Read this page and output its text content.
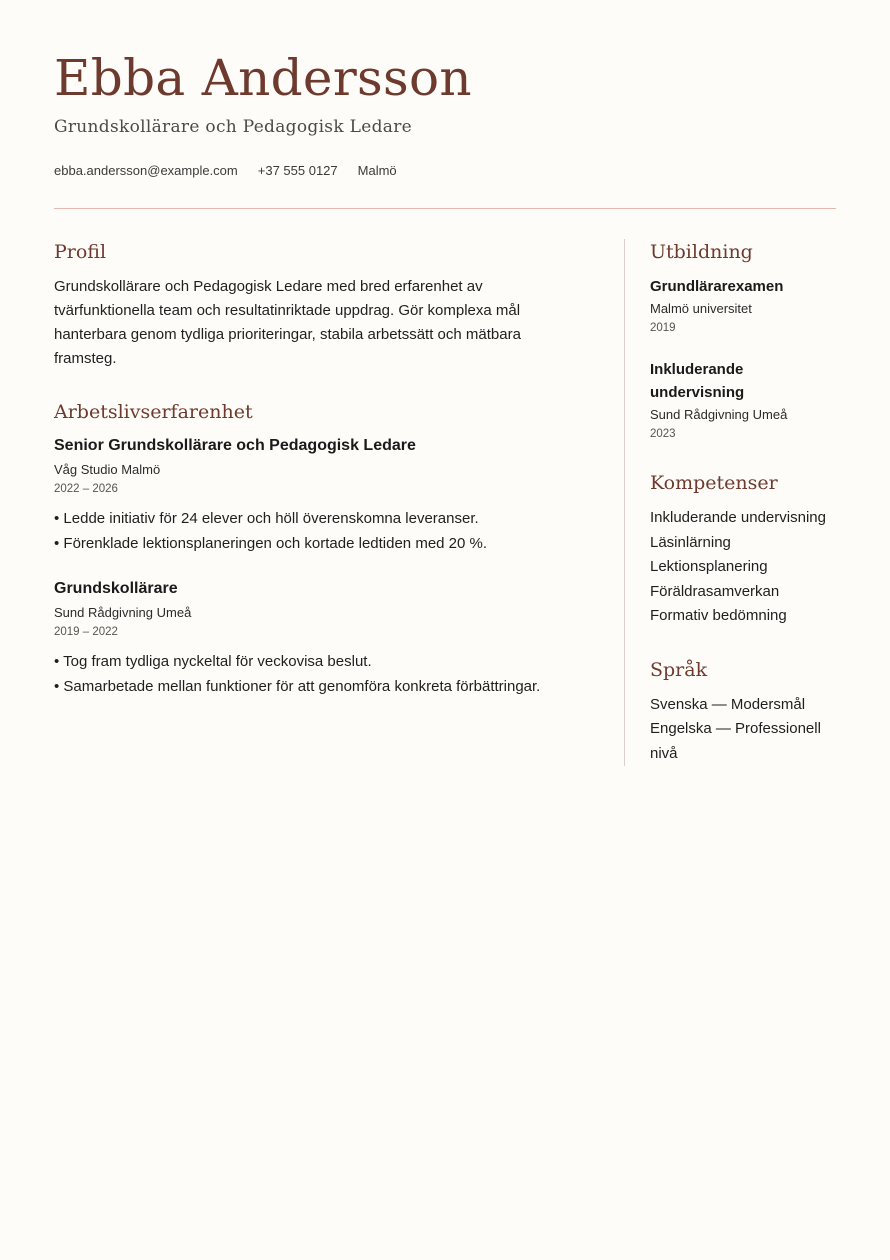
Ebba Andersson
Grundskollärare och Pedagogisk Ledare
ebba.andersson@example.com +37 555 0127 Malmö
Profil

Grundskollärare och Pedagogisk Ledare med bred erfarenhet av tvärfunktionella team och resultatinriktade uppdrag. Gör komplexa mål hanterbara genom tydliga prioriteringar, stabila arbetssätt och mätbara framsteg.

Arbetslivserfarenhet
Senior Grundskollärare och Pedagogisk Ledare
Våg Studio Malmö
2022 – 2026
• Ledde initiativ för 24 elever och höll överenskomna leveranser.
• Förenklade lektionsplaneringen och kortade ledtiden med 20 %.
Grundskollärare
Sund Rådgivning Umeå
2019 – 2022
• Tog fram tydliga nyckeltal för veckovisa beslut.
• Samarbetade mellan funktioner för att genomföra konkreta förbättringar.
Utbildning
Grundlärarexamen
Malmö universitet
2019
Inkluderande undervisning
Sund Rådgivning Umeå
2023
Kompetenser
Inkluderande undervisning
Läsinlärning
Lektionsplanering
Föräldrasamverkan
Formativ bedömning
Språk
Svenska — Modersmål
Engelska — Professionell nivå
